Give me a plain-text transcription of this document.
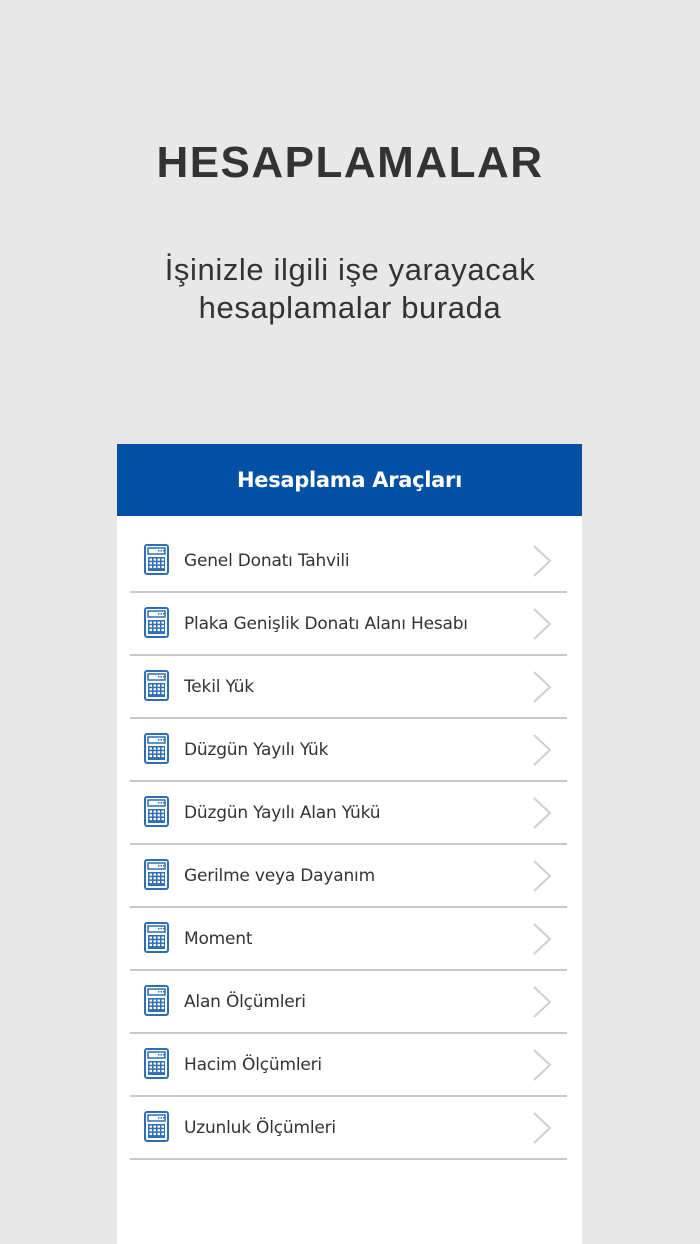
HESAPLAMALAR
İşinizle ilgili işe yarayacak
hesaplamalar burada
Hesaplama Araçları
Genel Donatı Tahvili
Plaka Genişlik Donatı Alanı Hesabı
Tekil Yük
Düzgün Yayılı Yük
Düzgün Yayılı Alan Yükü
Gerilme veya Dayanım
Moment
Alan Ölçümleri
Hacim Ölçümleri
Uzunluk Ölçümleri
